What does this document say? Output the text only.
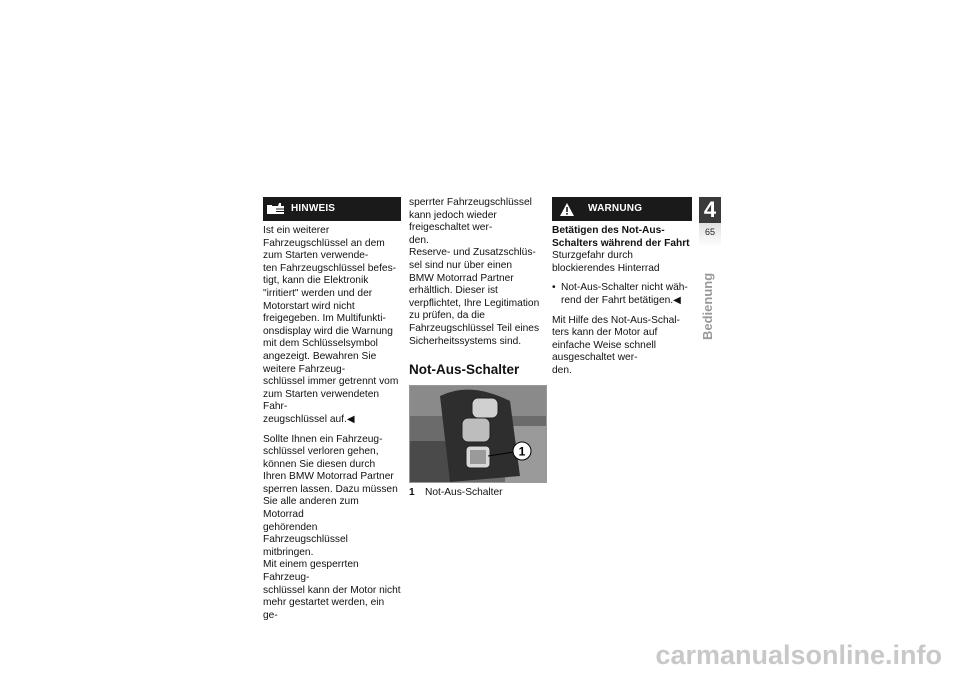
HINWEIS

Ist ein weiterer Fahrzeugschlüssel an dem zum Starten verwende-
ten Fahrzeugschlüssel befes-
tigt, kann die Elektronik "irritiert" werden und der Motorstart wird nicht freigegeben. Im Multifunkti-
onsdisplay wird die Warnung mit dem Schlüsselsymbol angezeigt. Bewahren Sie weitere Fahrzeug-
schlüssel immer getrennt vom zum Starten verwendeten Fahr-
zeugschlüssel auf.◀

Sollte Ihnen ein Fahrzeug-
schlüssel verloren gehen,
können Sie diesen durch
Ihren BMW Motorrad Partner
sperren lassen. Dazu müssen
Sie alle anderen zum Motorrad
gehörenden Fahrzeugschlüssel
mitbringen.
Mit einem gesperrten Fahrzeug-
schlüssel kann der Motor nicht
mehr gestartet werden, ein ge-

sperrter Fahrzeugschlüssel kann jedoch wieder freigeschaltet wer-
den.
Reserve- und Zusatzschlüs-
sel sind nur über einen
BMW Motorrad Partner erhältlich. Dieser ist verpflichtet, Ihre Legitimation zu prüfen, da die Fahrzeugschlüssel Teil eines Sicherheitssystems sind.

Not-Aus-Schalter
1
1	Not-Aus-Schalter
WARNUNG

Betätigen des Not-Aus-
Schalters während der Fahrt

Sturzgefahr durch blockierendes Hinterrad

• Not-Aus-Schalter nicht wäh-
rend der Fahrt betätigen.◀

Mit Hilfe des Not-Aus-Schal-
ters kann der Motor auf einfache Weise schnell ausgeschaltet wer-
den.

4
65
Bedienung
carmanualsonline.info
